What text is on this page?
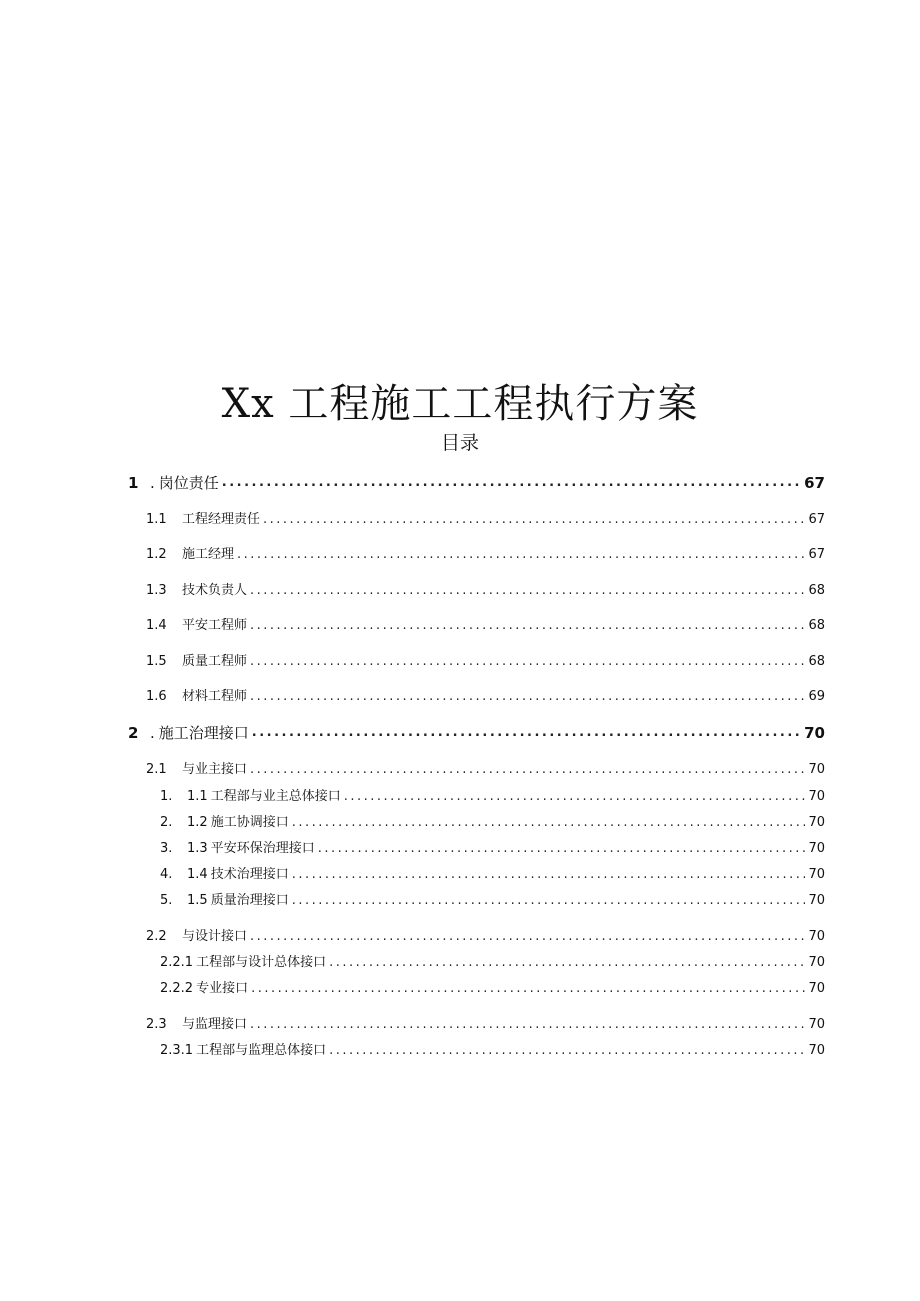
Xx 工程施工工程执行方案
目录
1 . 岗位责任 .....	67
1.1	工程经理责任 .....	67
1.2	施工经理 .....	67
1.3	技术负责人 .....	68
1.4	平安工程师 .....	68
1.5	质量工程师 .....	68
1.6	材料工程师 .....	69
2 . 施工治理接口 .....	70
2.1	与业主接口 .....	70
1.	1.1 工程部与业主总体接口 .....	70
2.	1.2 施工协调接口 .....	70
3.	1.3 平安环保治理接口 .....	70
4.	1.4 技术治理接口 .....	70
5.	1.5 质量治理接口 .....	70
2.2	与设计接口 .....	70
2.2.1 工程部与设计总体接口 .....	70
2.2.2 专业接口 .....	70
2.3	与监理接口 .....	70
2.3.1 工程部与监理总体接口 .....	70
